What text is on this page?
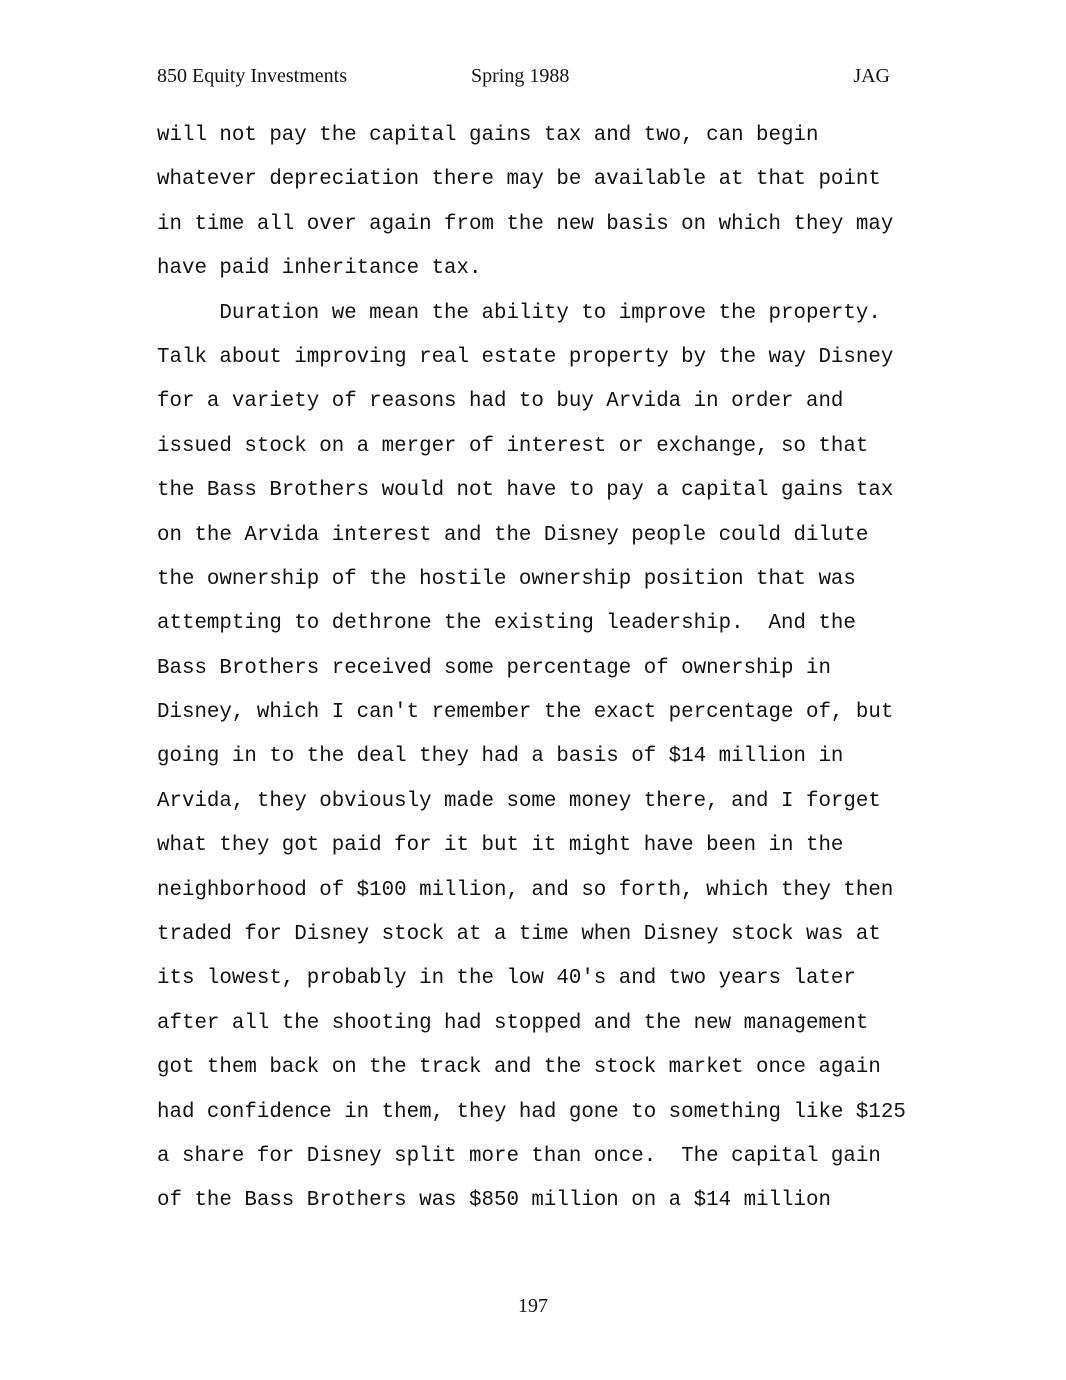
850 Equity Investments	Spring 1988	JAG
will not pay the capital gains tax and two, can begin
whatever depreciation there may be available at that point
in time all over again from the new basis on which they may
have paid inheritance tax.
Duration we mean the ability to improve the property.
Talk about improving real estate property by the way Disney
for a variety of reasons had to buy Arvida in order and
issued stock on a merger of interest or exchange, so that
the Bass Brothers would not have to pay a capital gains tax
on the Arvida interest and the Disney people could dilute
the ownership of the hostile ownership position that was
attempting to dethrone the existing leadership.  And the
Bass Brothers received some percentage of ownership in
Disney, which I can't remember the exact percentage of, but
going in to the deal they had a basis of $14 million in
Arvida, they obviously made some money there, and I forget
what they got paid for it but it might have been in the
neighborhood of $100 million, and so forth, which they then
traded for Disney stock at a time when Disney stock was at
its lowest, probably in the low 40's and two years later
after all the shooting had stopped and the new management
got them back on the track and the stock market once again
had confidence in them, they had gone to something like $125
a share for Disney split more than once.  The capital gain
of the Bass Brothers was $850 million on a $14 million
197
